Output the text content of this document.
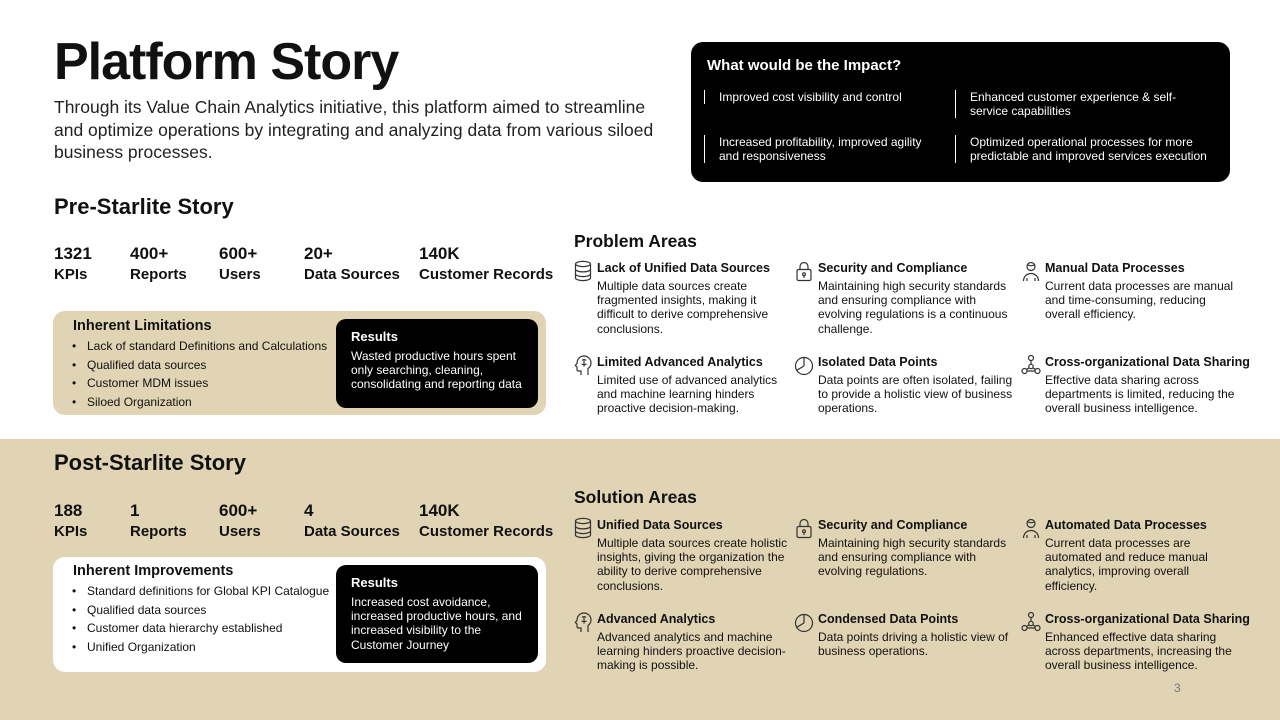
Platform Story
Through its Value Chain Analytics initiative, this platform aimed to streamline and optimize operations by integrating and analyzing data from various siloed business processes.
What would be the Impact?
Improved cost visibility and control	Enhanced customer experience & self-service capabilities
Increased profitability, improved agility and responsiveness
Optimized operational processes for more predictable and improved services execution
Pre-Starlite Story
1321
KPIs
400+
Reports
600+
Users
20+
Data Sources
140K
Customer Records
Inherent Limitations
• Lack of standard Definitions and Calculations
• Qualified data sources
• Customer MDM issues
• Siloed Organization
Results
Wasted productive hours spent only searching, cleaning, consolidating and reporting data
Problem Areas
Lack of Unified Data Sources
Multiple data sources create fragmented insights, making it difficult to derive comprehensive conclusions.
Security and Compliance
Maintaining high security standards and ensuring compliance with evolving regulations is a continuous challenge.
Manual Data Processes
Current data processes are manual and time-consuming, reducing overall efficiency.
Limited Advanced Analytics
Limited use of advanced analytics and machine learning hinders proactive decision-making.
Isolated Data Points
Data points are often isolated, failing to provide a holistic view of business operations.
Cross-organizational Data Sharing
Effective data sharing across departments is limited, reducing the overall business intelligence.
Post-Starlite Story
188
KPIs
1
Reports
600+
Users
4
Data Sources
140K
Customer Records
Inherent Improvements
• Standard definitions for Global KPI Catalogue
• Qualified data sources
• Customer data hierarchy established
• Unified Organization
Results
Increased cost avoidance, increased productive hours, and increased visibility to the Customer Journey
Solution Areas
Unified Data Sources
Multiple data sources create holistic insights, giving the organization the ability to derive comprehensive conclusions.
Security and Compliance
Maintaining high security standards and ensuring compliance with evolving regulations.
Automated Data Processes
Current data processes are automated and reduce manual analytics, improving overall efficiency.
Advanced Analytics
Advanced analytics and machine learning hinders proactive decision-making is possible.
Condensed Data Points
Data points driving a holistic view of business operations.
Cross-organizational Data Sharing
Enhanced effective data sharing across departments, increasing the overall business intelligence.
3
